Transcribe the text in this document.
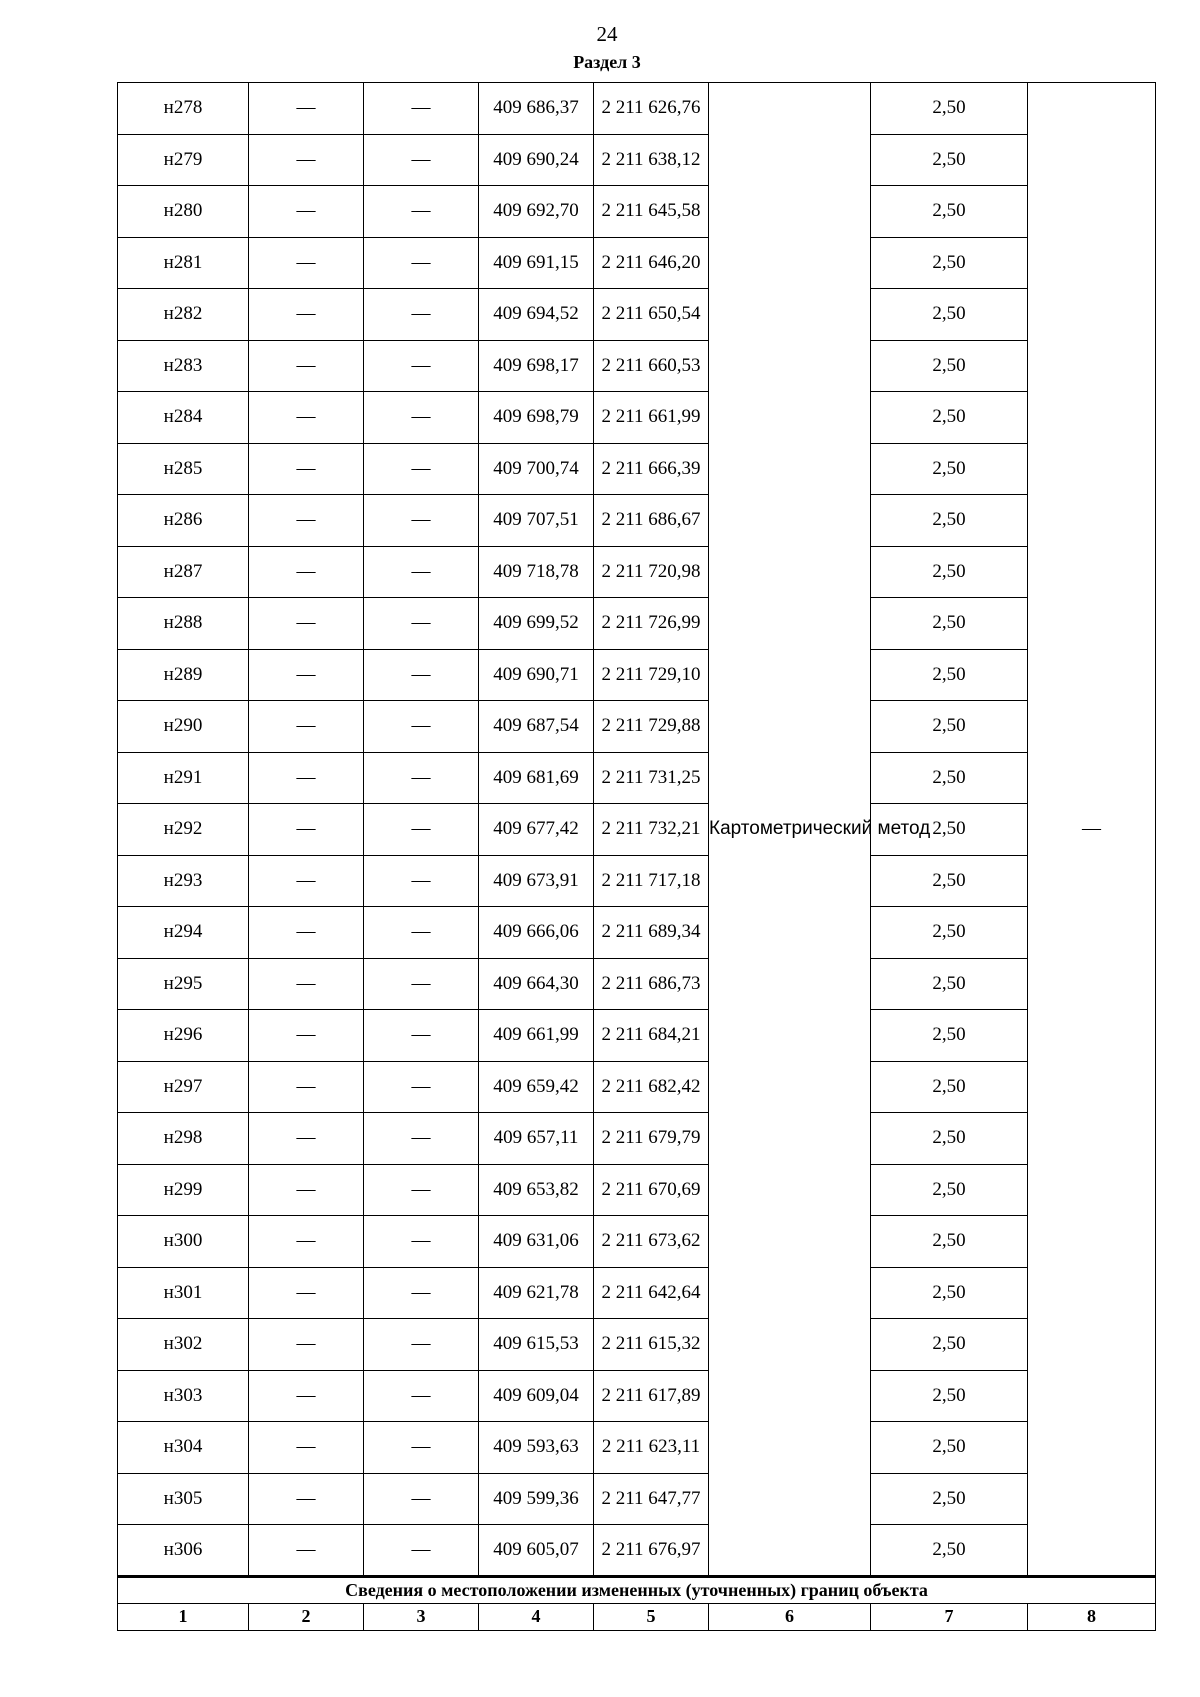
24
Раздел 3
н278	—	—	409 686,37	2 211 626,76	Картометрический метод	2,50	—
н279	—	—	409 690,24	2 211 638,12		2,50	
н280	—	—	409 692,70	2 211 645,58		2,50	
н281	—	—	409 691,15	2 211 646,20		2,50	
н282	—	—	409 694,52	2 211 650,54		2,50	
н283	—	—	409 698,17	2 211 660,53		2,50	
н284	—	—	409 698,79	2 211 661,99		2,50	
н285	—	—	409 700,74	2 211 666,39		2,50	
н286	—	—	409 707,51	2 211 686,67		2,50	
н287	—	—	409 718,78	2 211 720,98		2,50	
н288	—	—	409 699,52	2 211 726,99		2,50	
н289	—	—	409 690,71	2 211 729,10		2,50	
н290	—	—	409 687,54	2 211 729,88		2,50	
н291	—	—	409 681,69	2 211 731,25		2,50	
н292	—	—	409 677,42	2 211 732,21		2,50	
н293	—	—	409 673,91	2 211 717,18		2,50	
н294	—	—	409 666,06	2 211 689,34		2,50	
н295	—	—	409 664,30	2 211 686,73		2,50	
н296	—	—	409 661,99	2 211 684,21		2,50	
н297	—	—	409 659,42	2 211 682,42		2,50	
н298	—	—	409 657,11	2 211 679,79		2,50	
н299	—	—	409 653,82	2 211 670,69		2,50	
н300	—	—	409 631,06	2 211 673,62		2,50	
н301	—	—	409 621,78	2 211 642,64		2,50	
н302	—	—	409 615,53	2 211 615,32		2,50	
н303	—	—	409 609,04	2 211 617,89		2,50	
н304	—	—	409 593,63	2 211 623,11		2,50	
н305	—	—	409 599,36	2 211 647,77		2,50	
н306	—	—	409 605,07	2 211 676,97		2,50	
Сведения о местоположении измененных (уточненных) границ объекта							
1	2	3	4	5	6	7	8
